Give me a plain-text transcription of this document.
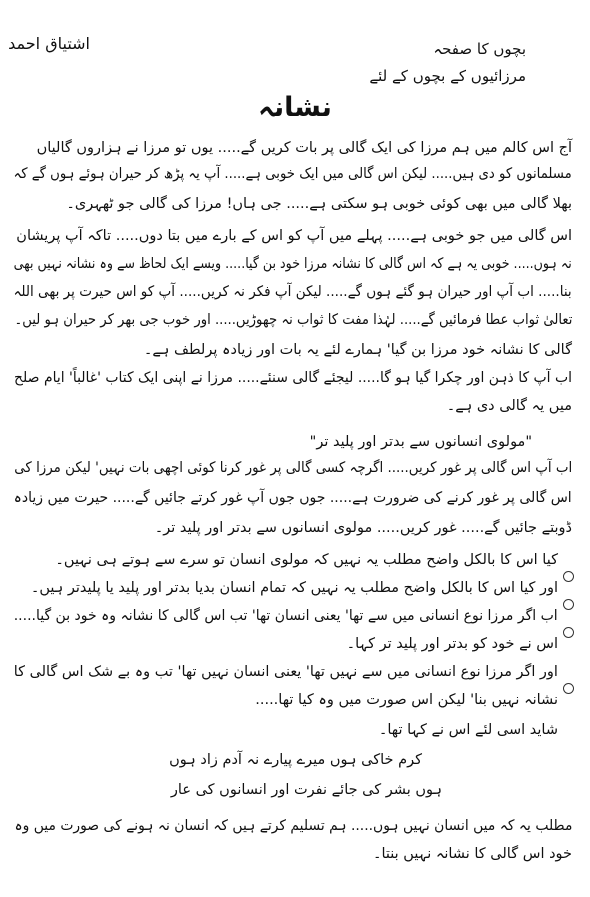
اشتیاق احمد	بچوں کا صفحہ
مرزائیوں کے بچوں کے لئے
نشانہ
آج اس کالم میں ہم مرزا کی ایک گالی پر بات کریں گے..... یوں تو مرزا نے ہزاروں گالیاں
مسلمانوں کو دی ہیں..... لیکن اس گالی میں ایک خوبی ہے..... آپ یہ پڑھ کر حیران ہوئے ہوں گے کہ
بھلا گالی میں بھی کوئی خوبی ہو سکتی ہے..... جی ہاں! مرزا کی گالی جو ٹھہری۔
اس گالی میں جو خوبی ہے..... پہلے میں آپ کو اس کے بارے میں بتا دوں..... تاکہ آپ پریشان
نہ ہوں..... خوبی یہ ہے کہ اس گالی کا نشانہ مرزا خود بن گیا..... ویسے ایک لحاظ سے وہ نشانہ نہیں بھی
بنا..... اب آپ اور حیران ہو گئے ہوں گے..... لیکن آپ فکر نہ کریں..... آپ کو اس حیرت پر بھی اللہ
تعالیٰ ثواب عطا فرمائیں گے..... لہٰذا مفت کا ثواب نہ چھوڑیں..... اور خوب جی بھر کر حیران ہو لیں۔
گالی کا نشانہ خود مرزا بن گیا' ہمارے لئے یہ بات اور زیادہ پرلطف ہے۔
اب آپ کا ذہن اور چکرا گیا ہو گا..... لیجئے گالی سنئے..... مرزا نے اپنی ایک کتاب 'غالباً' ایام صلح
میں یہ گالی دی ہے۔
"مولوی انسانوں سے بدتر اور پلید تر"
اب آپ اس گالی پر غور کریں..... اگرچہ کسی گالی پر غور کرنا کوئی اچھی بات نہیں' لیکن مرزا کی
اس گالی پر غور کرنے کی ضرورت ہے..... جوں جوں آپ غور کرتے جائیں گے..... حیرت میں زیادہ
ڈوبتے جائیں گے..... غور کریں..... مولوی انسانوں سے بدتر اور پلید تر۔
کیا اس کا بالکل واضح مطلب یہ نہیں کہ مولوی انسان تو سرے سے ہوتے ہی نہیں۔
اور کیا اس کا بالکل واضح مطلب یہ نہیں کہ تمام انسان بدیا بدتر اور پلید یا پلیدتر ہیں۔
اب اگر مرزا نوع انسانی میں سے تھا' یعنی انسان تھا' تب اس گالی کا نشانہ وہ خود بن گیا.....
اس نے خود کو بدتر اور پلید تر کہا۔
اور اگر مرزا نوع انسانی میں سے نہیں تھا' یعنی انسان نہیں تھا' تب وہ بے شک اس گالی کا
نشانہ نہیں بنا' لیکن اس صورت میں وہ کیا تھا.....
شاید اسی لئے اس نے کہا تھا۔
کرم خاکی ہوں میرے پیارے نہ آدم زاد ہوں
ہوں بشر کی جائے نفرت اور انسانوں کی عار
مطلب یہ کہ میں انسان نہیں ہوں..... ہم تسلیم کرتے ہیں کہ انسان نہ ہونے کی صورت میں وہ
خود اس گالی کا نشانہ نہیں بنتا۔
